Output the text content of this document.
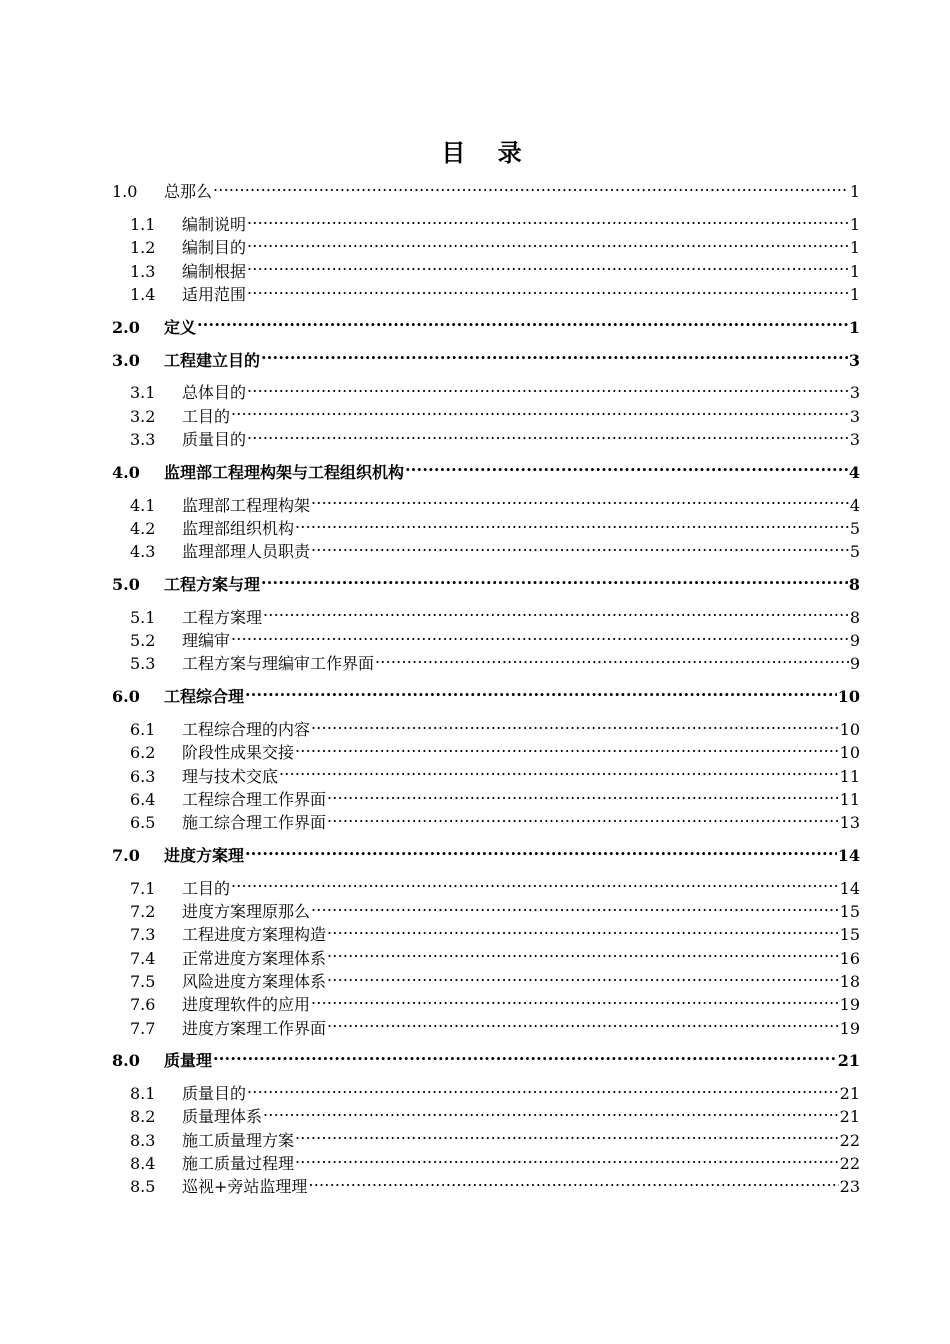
目 录
1.0	总那么 .....	1
1.1	编制说明 .....	1
1.2	编制目的 .....	1
1.3	编制根据 .....	1
1.4	适用范围 .....	1
2.0	定义 .....	1
3.0	工程建立目的 .....	3
3.1	总体目的 .....	3
3.2	工目的 .....	3
3.3	质量目的 .....	3
4.0	监理部工程理构架与工程组织机构 .....	4
4.1	监理部工程理构架 .....	4
4.2	监理部组织机构 .....	5
4.3	监理部理人员职责 .....	5
5.0	工程方案与理 .....	8
5.1	工程方案理 .....	8
5.2	理编审 .....	9
5.3	工程方案与理编审工作界面 .....	9
6.0	工程综合理 .....	10
6.1	工程综合理的内容 .....	10
6.2	阶段性成果交接 .....	10
6.3	理与技术交底 .....	11
6.4	工程综合理工作界面 .....	11
6.5	施工综合理工作界面 .....	13
7.0	进度方案理 .....	14
7.1	工目的 .....	14
7.2	进度方案理原那么 .....	15
7.3	工程进度方案理构造 .....	15
7.4	正常进度方案理体系 .....	16
7.5	风险进度方案理体系 .....	18
7.6	进度理软件的应用 .....	19
7.7	进度方案理工作界面 .....	19
8.0	质量理 .....	21
8.1	质量目的 .....	21
8.2	质量理体系 .....	21
8.3	施工质量理方案 .....	22
8.4	施工质量过程理 .....	22
8.5	巡视+旁站监理理 .....	23
